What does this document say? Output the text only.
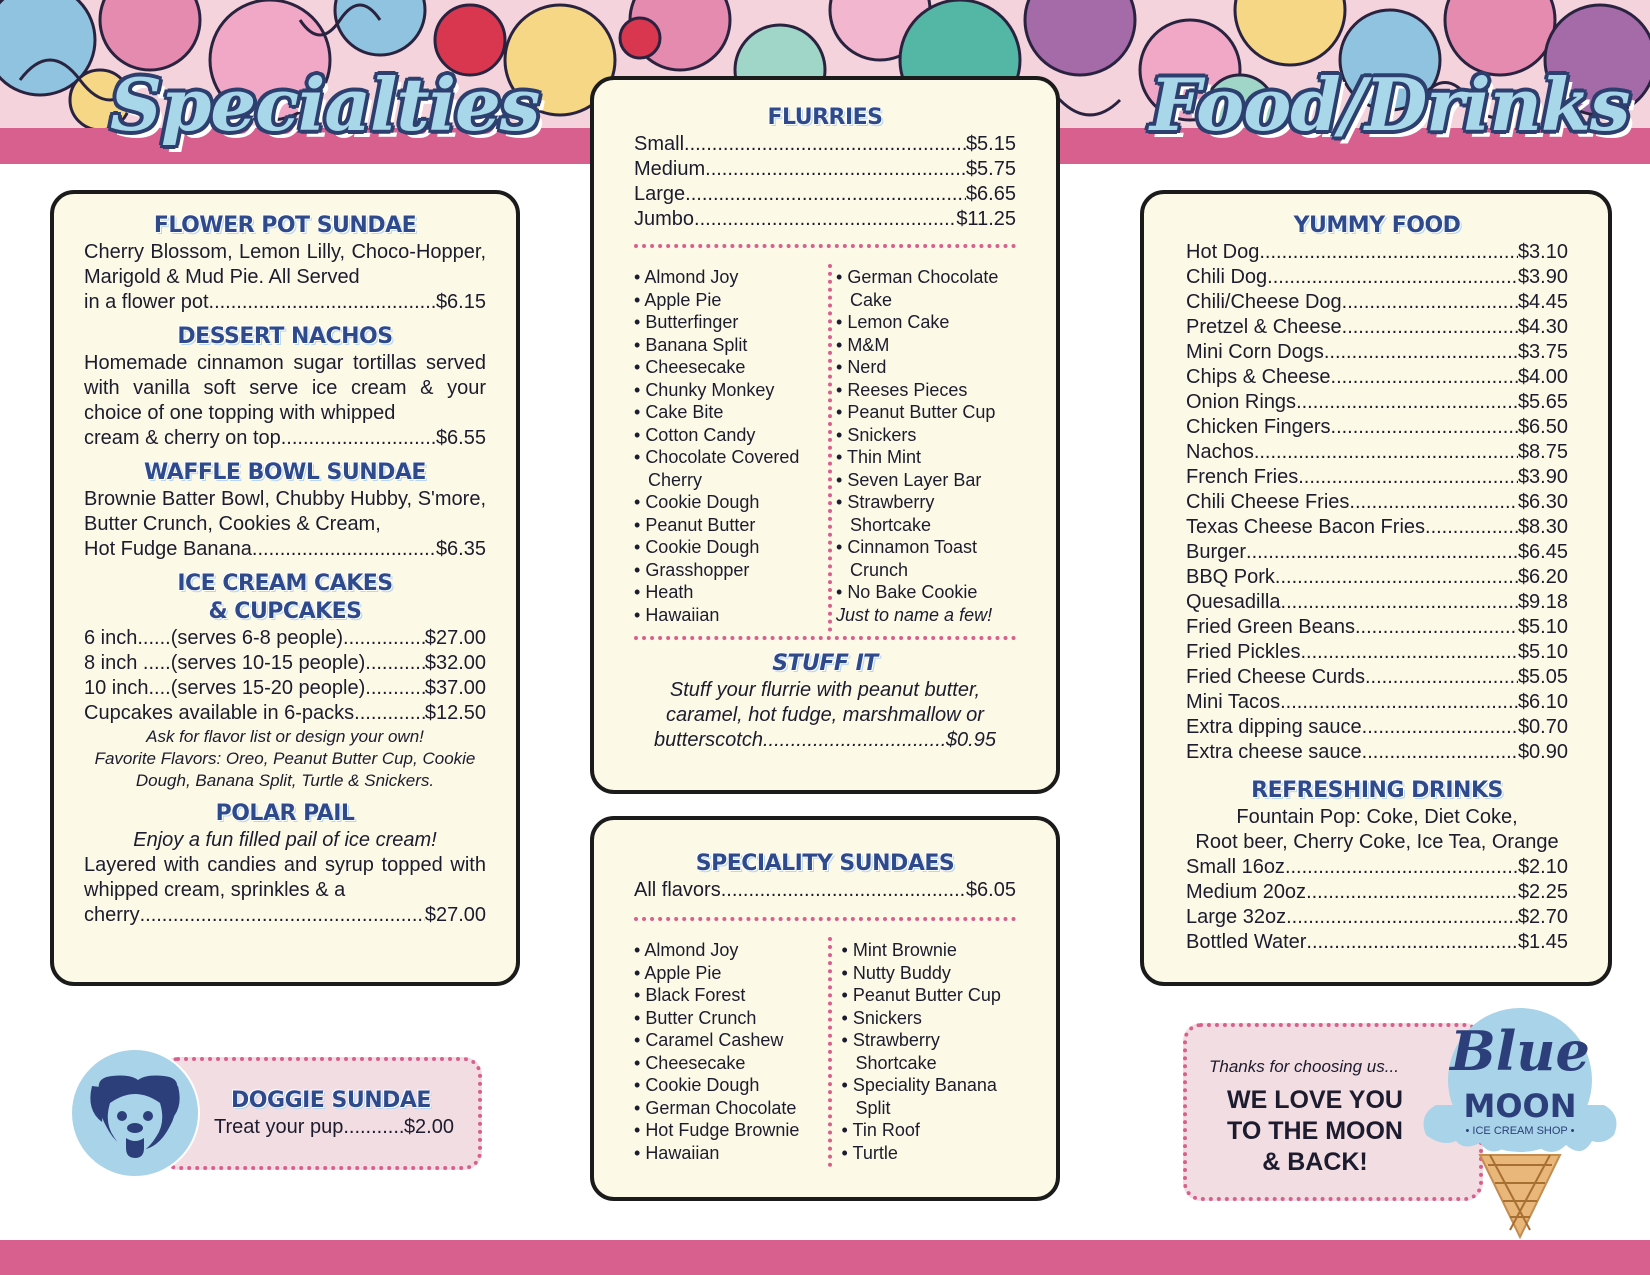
Specialties	Food/Drinks
FLOWER POT SUNDAE
Cherry Blossom, Lemon Lilly, Choco-Hopper, Marigold & Mud Pie. All Served
in a flower pot .....	$6.15
DESSERT NACHOS
Homemade cinnamon sugar tortillas served with vanilla soft serve ice cream & your choice of one topping with whipped
cream & cherry on top .....	$6.55
WAFFLE BOWL SUNDAE
Brownie Batter Bowl, Chubby Hubby, S'more, Butter Crunch, Cookies & Cream,
Hot Fudge Banana .....	$6.35
ICE CREAM CAKES
& CUPCAKES
6 inch......(serves 6-8 people) .....	$27.00
8 inch .....(serves 10-15 people) .....	$32.00
10 inch....(serves 15-20 people) .....	$37.00
Cupcakes available in 6-packs .....	$12.50
Ask for flavor list or design your own!
Favorite Flavors: Oreo, Peanut Butter Cup, Cookie Dough, Banana Split, Turtle & Snickers.
POLAR PAIL
Enjoy a fun filled pail of ice cream!
Layered with candies and syrup topped with whipped cream, sprinkles & a
cherry .....	$27.00
DOGGIE SUNDAE
Treat your pup .....	$2.00
FLURRIES
Small .....	$5.15
Medium .....	$5.75
Large .....	$6.65
Jumbo .....	$11.25
• Almond Joy
• Apple Pie
• Butterfinger
• Banana Split
• Cheesecake
• Chunky Monkey
• Cake Bite
• Cotton Candy
• Chocolate Covered Cherry
• Cookie Dough
• Peanut Butter
• Cookie Dough
• Grasshopper
• Heath
• Hawaiian
• German Chocolate Cake
• Lemon Cake
• M&M
• Nerd
• Reeses Pieces
• Peanut Butter Cup
• Snickers
• Thin Mint
• Seven Layer Bar
• Strawberry Shortcake
• Cinnamon Toast Crunch
• No Bake Cookie
Just to name a few!
STUFF IT
Stuff your flurrie with peanut butter, caramel, hot fudge, marshmallow or
butterscotch .....	$0.95
SPECIALITY SUNDAES
All flavors .....	$6.05
• Almond Joy
• Apple Pie
• Black Forest
• Butter Crunch
• Caramel Cashew
• Cheesecake
• Cookie Dough
• German Chocolate
• Hot Fudge Brownie
• Hawaiian
• Mint Brownie
• Nutty Buddy
• Peanut Butter Cup
• Snickers
• Strawberry Shortcake
• Speciality Banana Split
• Tin Roof
• Turtle
YUMMY FOOD
Hot Dog .....	$3.10
Chili Dog .....	$3.90
Chili/Cheese Dog .....	$4.45
Pretzel & Cheese .....	$4.30
Mini Corn Dogs .....	$3.75
Chips & Cheese .....	$4.00
Onion Rings .....	$5.65
Chicken Fingers .....	$6.50
Nachos .....	$8.75
French Fries .....	$3.90
Chili Cheese Fries .....	$6.30
Texas Cheese Bacon Fries .....	$8.30
Burger .....	$6.45
BBQ Pork .....	$6.20
Quesadilla .....	$9.18
Fried Green Beans .....	$5.10
Fried Pickles .....	$5.10
Fried Cheese Curds .....	$5.05
Mini Tacos .....	$6.10
Extra dipping sauce .....	$0.70
Extra cheese sauce .....	$0.90
REFRESHING DRINKS
Fountain Pop: Coke, Diet Coke,
Root beer, Cherry Coke, Ice Tea, Orange
Small 16oz .....	$2.10
Medium 20oz .....	$2.25
Large 32oz .....	$2.70
Bottled Water .....	$1.45
Thanks for choosing us...
WE LOVE YOU
TO THE MOON
& BACK!
Blue
MOON
• ICE CREAM SHOP •
